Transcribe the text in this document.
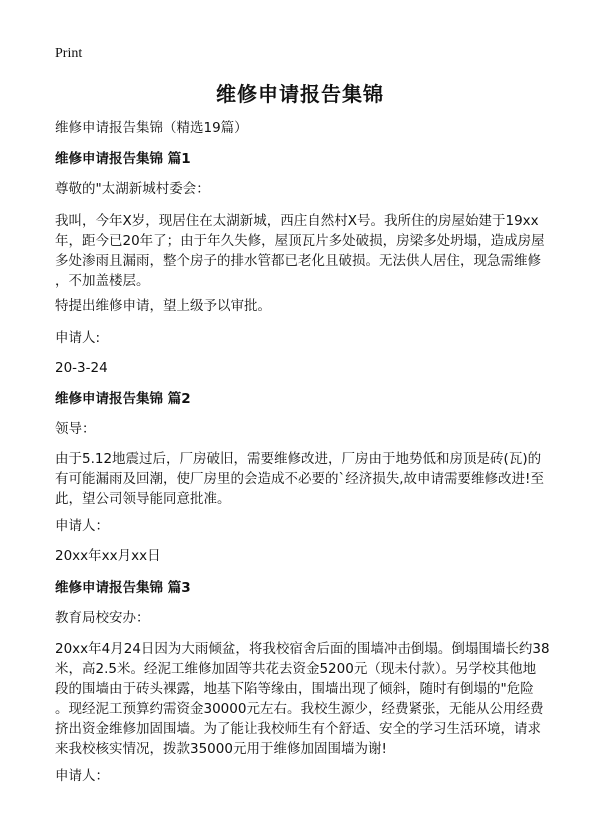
Print
维修申请报告集锦
维修申请报告集锦（精选19篇）
维修申请报告集锦 篇1
尊敬的"太湖新城村委会：
我叫，今年X岁，现居住在太湖新城，西庄自然村X号。我所住的房屋始建于19xx
年，距今已20年了；由于年久失修，屋顶瓦片多处破损，房梁多处坍塌，造成房屋
多处渗雨且漏雨，整个房子的排水管都已老化且破损。无法供人居住，现急需维修
，不加盖楼层。
特提出维修申请，望上级予以审批。
申请人:
20-3-24
维修申请报告集锦 篇2
领导：
由于5.12地震过后，厂房破旧，需要维修改进，厂房由于地势低和房顶是砖(瓦)的
有可能漏雨及回潮，使厂房里的会造成不必要的`经济损失,故申请需要维修改进!至
此，望公司领导能同意批准。
申请人：
20xx年xx月xx日
维修申请报告集锦 篇3
教育局校安办：
20xx年4月24日因为大雨倾盆，将我校宿舍后面的围墙冲击倒塌。倒塌围墙长约38
米，高2.5米。经泥工维修加固等共花去资金5200元（现未付款）。另学校其他地
段的围墙由于砖头裸露，地基下陷等缘由，围墙出现了倾斜，随时有倒塌的"危险
。现经泥工预算约需资金30000元左右。我校生源少，经费紧张，无能从公用经费
挤出资金维修加固围墙。为了能让我校师生有个舒适、安全的学习生活环境，请求
来我校核实情况，拨款35000元用于维修加固围墙为谢!
申请人：
